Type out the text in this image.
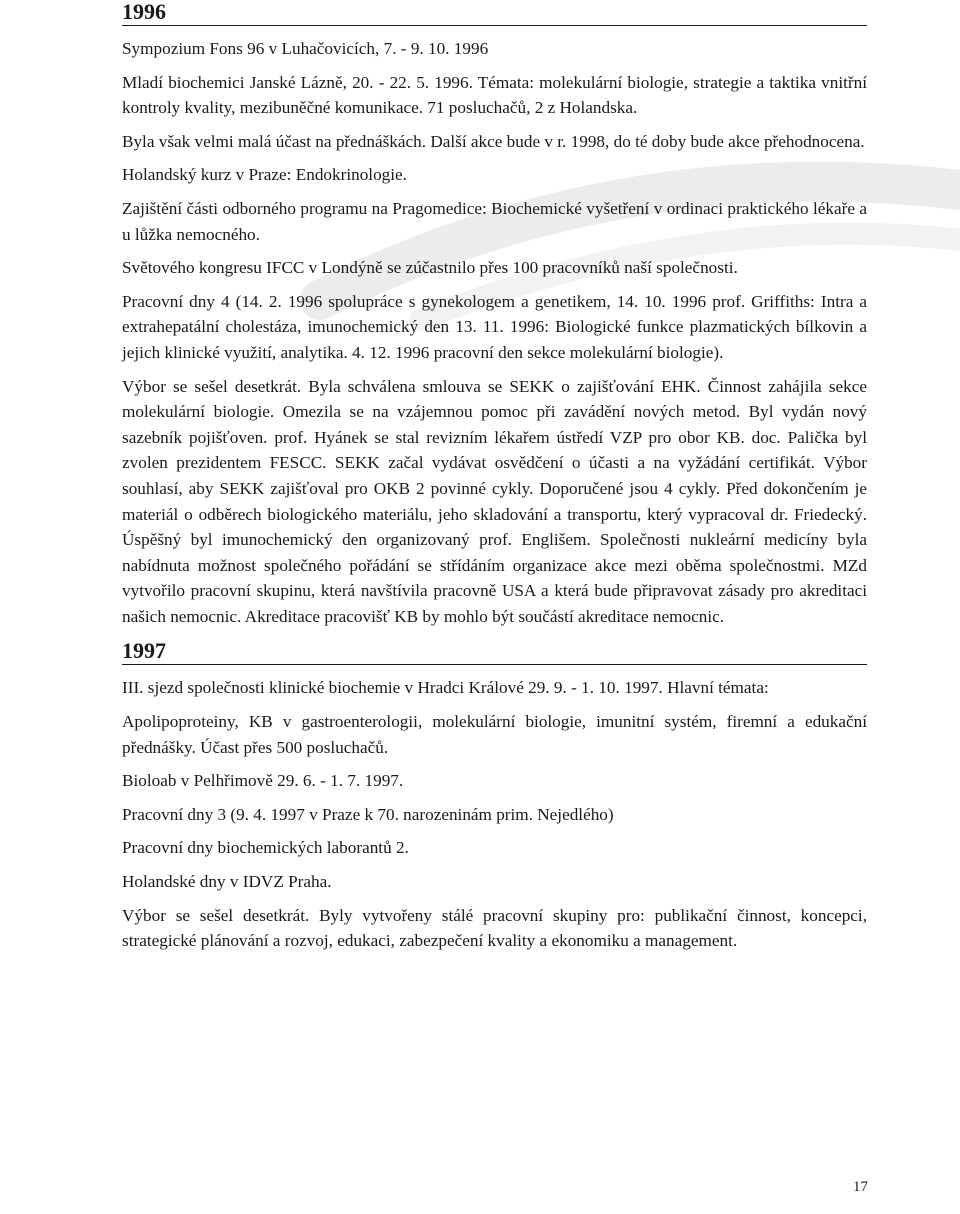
1996

Sympozium Fons 96 v Luhačovicích, 7. - 9. 10. 1996

Mladí biochemici Janské Lázně, 20. - 22. 5. 1996. Témata: molekulární biologie, strategie a taktika vnitřní kontroly kvality, mezibuněčné komunikace. 71 posluchačů, 2 z Holandska.

Byla však velmi malá účast na přednáškách. Další akce bude v r. 1998, do té doby bude akce přehodnocena.

Holandský kurz v Praze: Endokrinologie.

Zajištění části odborného programu na Pragomedice: Biochemické vyšetření v ordinaci praktického lékaře a u lůžka nemocného.

Světového kongresu IFCC v Londýně se zúčastnilo přes 100 pracovníků naší společnosti.

Pracovní dny 4 (14. 2. 1996 spolupráce s gynekologem a genetikem, 14. 10. 1996 prof. Griffiths: Intra a extrahepatální cholestáza, imunochemický den 13. 11. 1996: Biologické funkce plazmatických bílkovin a jejich klinické využití, analytika. 4. 12. 1996 pracovní den sekce molekulární biologie).

Výbor se sešel desetkrát. Byla schválena smlouva se SEKK o zajišťování EHK. Činnost zahájila sekce molekulární biologie. Omezila se na vzájemnou pomoc při zavádění nových metod. Byl vydán nový sazebník pojišťoven. prof. Hyánek se stal revizním lékařem ústředí VZP pro obor KB. doc. Palička byl zvolen prezidentem FESCC. SEKK začal vydávat osvědčení o účasti a na vyžádání certifikát. Výbor souhlasí, aby SEKK zajišťoval pro OKB 2 povinné cykly. Doporučené jsou 4 cykly. Před dokončením je materiál o odběrech biologického materiálu, jeho skladování a transportu, který vypracoval dr. Friedecký. Úspěšný byl imunochemický den organizovaný prof. Englišem. Společnosti nukleární medicíny byla nabídnuta možnost společného pořádání se střídáním organizace akce mezi oběma společnostmi. MZd vytvořilo pracovní skupinu, která navštívila pracovně USA a která bude připravovat zásady pro akreditaci našich nemocnic. Akreditace pracovišť KB by mohlo být součástí akreditace nemocnic.

1997

III. sjezd společnosti klinické biochemie v Hradci Králové 29. 9. - 1. 10. 1997. Hlavní témata:

Apolipoproteiny, KB v gastroenterologii, molekulární biologie, imunitní systém, firemní a edukační přednášky. Účast přes 500 posluchačů.

Bioloab v Pelhřimově 29. 6. - 1. 7. 1997.

Pracovní dny 3 (9. 4. 1997 v Praze k 70. narozeninám prim. Nejedlého)

Pracovní dny biochemických laborantů 2.

Holandské dny v IDVZ Praha.

Výbor se sešel desetkrát. Byly vytvořeny stálé pracovní skupiny pro: publikační činnost, koncepci, strategické plánování a rozvoj, edukaci, zabezpečení kvality a ekonomiku a management.

17
